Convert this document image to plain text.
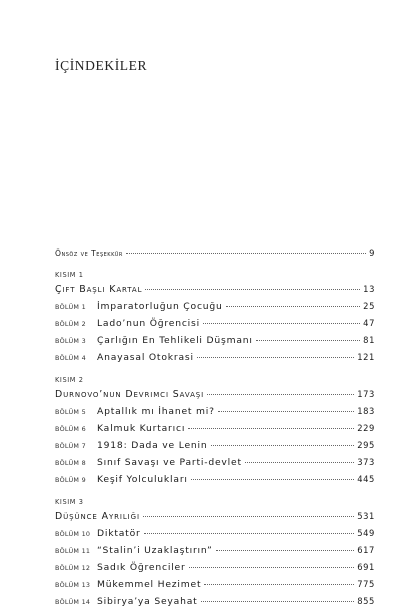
İÇİNDEKİLER
Önsöz ve Teşekkür	9
KISIM 1
Çift Başlı Kartal	13
BÖLÜM 1	İmparatorluğun Çocuğu	25
BÖLÜM 2	Lado’nun Öğrencisi	47
BÖLÜM 3	Çarlığın En Tehlikeli Düşmanı	81
BÖLÜM 4	Anayasal Otokrasi	121
KISIM 2
Durnovo’nun Devrimci Savaşı	173
BÖLÜM 5	Aptallık mı İhanet mi?	183
BÖLÜM 6	Kalmuk Kurtarıcı	229
BÖLÜM 7	1918: Dada ve Lenin	295
BÖLÜM 8	Sınıf Savaşı ve Parti-devlet	373
BÖLÜM 9	Keşif Yolculukları	445
KISIM 3
Düşünce Ayrılığı	531
BÖLÜM 10 Diktatör	549
BÖLÜM 11 “Stalin’i Uzaklaştırın”	617
BÖLÜM 12 Sadık Öğrenciler	691
BÖLÜM 13 Mükemmel Hezimet	775
BÖLÜM 14 Sibirya’ya Seyahat	855
